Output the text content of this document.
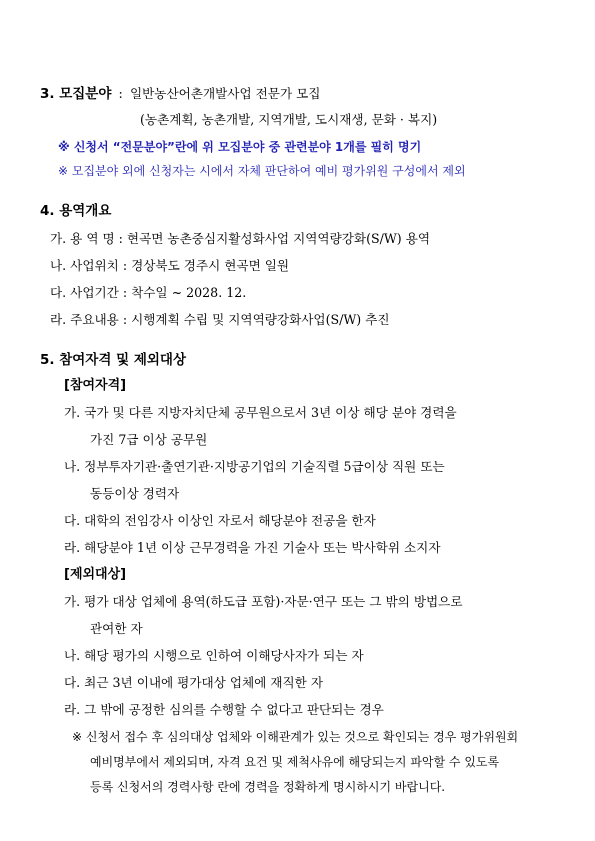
3. 모집분야 : 일반농산어촌개발사업 전문가 모집
(농촌계획, 농촌개발, 지역개발, 도시재생, 문화 · 복지)
※ 신청서 “전문분야”란에 위 모집분야 중 관련분야 1개를 필히 명기
※ 모집분야 외에 신청자는 시에서 자체 판단하여 예비 평가위원 구성에서 제외
4. 용역개요
가. 용 역 명 : 현곡면 농촌중심지활성화사업 지역역량강화(S/W) 용역
나. 사업위치 : 경상북도 경주시 현곡면 일원
다. 사업기간 : 착수일 ~ 2028. 12.
라. 주요내용 : 시행계획 수립 및 지역역량강화사업(S/W) 추진
5. 참여자격 및 제외대상
[참여자격]
가. 국가 및 다른 지방자치단체 공무원으로서 3년 이상 해당 분야 경력을
가진 7급 이상 공무원
나. 정부투자기관·출연기관·지방공기업의 기술직렬 5급이상 직원 또는
동등이상 경력자
다. 대학의 전임강사 이상인 자로서 해당분야 전공을 한자
라. 해당분야 1년 이상 근무경력을 가진 기술사 또는 박사학위 소지자
[제외대상]
가. 평가 대상 업체에 용역(하도급 포함)·자문·연구 또는 그 밖의 방법으로
관여한 자
나. 해당 평가의 시행으로 인하여 이해당사자가 되는 자
다. 최근 3년 이내에 평가대상 업체에 재직한 자
라. 그 밖에 공정한 심의를 수행할 수 없다고 판단되는 경우
※ 신청서 접수 후 심의대상 업체와 이해관계가 있는 것으로 확인되는 경우 평가위원회
예비명부에서 제외되며, 자격 요건 및 제척사유에 해당되는지 파악할 수 있도록
등록 신청서의 경력사항 란에 경력을 정확하게 명시하시기 바랍니다.
